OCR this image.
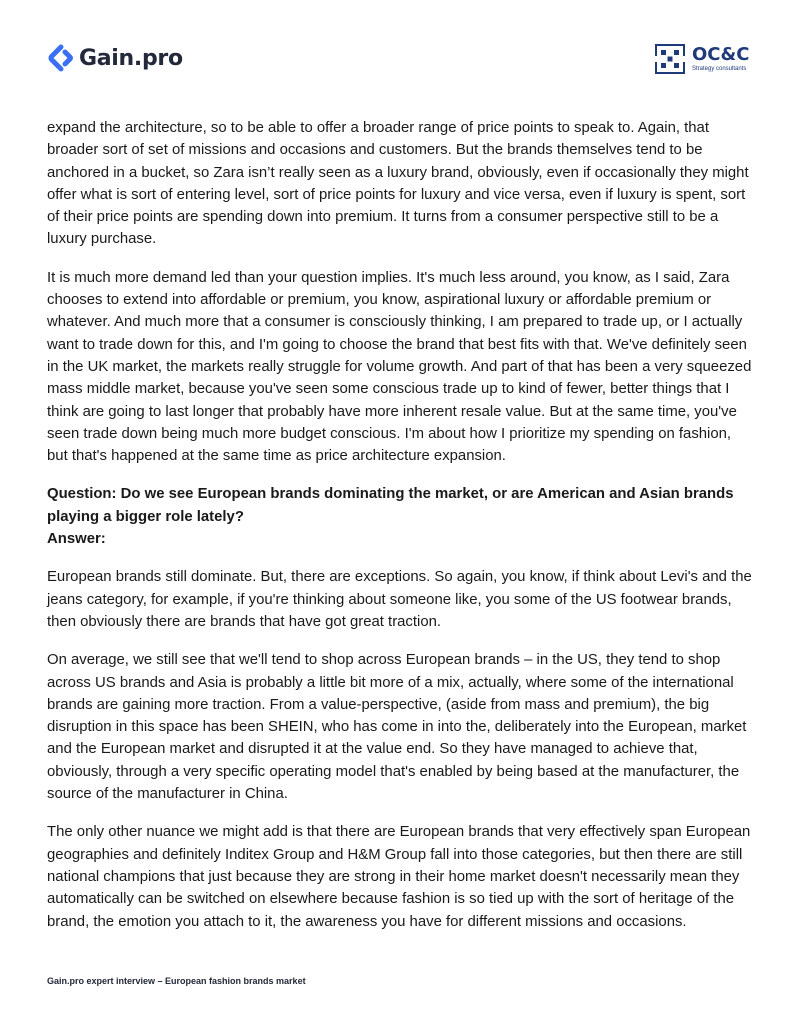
Gain.pro	OC&C
Strategy consultants

expand the architecture, so to be able to offer a broader range of price points to speak to. Again, that broader sort of set of missions and occasions and customers. But the brands themselves tend to be anchored in a bucket, so Zara isn’t really seen as a luxury brand, obviously, even if occasionally they might offer what is sort of entering level, sort of price points for luxury and vice versa, even if luxury is spent, sort of their price points are spending down into premium. It turns from a consumer perspective still to be a luxury purchase.

It is much more demand led than your question implies. It's much less around, you know, as I said, Zara chooses to extend into affordable or premium, you know, aspirational luxury or affordable premium or whatever. And much more that a consumer is consciously thinking, I am prepared to trade up, or I actually want to trade down for this, and I'm going to choose the brand that best fits with that. We've definitely seen in the UK market, the markets really struggle for volume growth. And part of that has been a very squeezed mass middle market, because you've seen some conscious trade up to kind of fewer, better things that I think are going to last longer that probably have more inherent resale value. But at the same time, you've seen trade down being much more budget conscious. I'm about how I prioritize my spending on fashion, but that's happened at the same time as price architecture expansion.

Question: Do we see European brands dominating the market, or are American and Asian brands playing a bigger role lately?
Answer:

European brands still dominate. But, there are exceptions. So again, you know, if think about Levi's and the jeans category, for example, if you're thinking about someone like, you some of the US footwear brands, then obviously there are brands that have got great traction.

On average, we still see that we'll tend to shop across European brands – in the US, they tend to shop across US brands and Asia is probably a little bit more of a mix, actually, where some of the international brands are gaining more traction. From a value-perspective, (aside from mass and premium), the big disruption in this space has been SHEIN, who has come in into the, deliberately into the European, market and the European market and disrupted it at the value end. So they have managed to achieve that, obviously, through a very specific operating model that's enabled by being based at the manufacturer, the source of the manufacturer in China.

The only other nuance we might add is that there are European brands that very effectively span European geographies and definitely Inditex Group and H&M Group fall into those categories, but then there are still national champions that just because they are strong in their home market doesn't necessarily mean they automatically can be switched on elsewhere because fashion is so tied up with the sort of heritage of the brand, the emotion you attach to it, the awareness you have for different missions and occasions.

Gain.pro expert interview – European fashion brands market
